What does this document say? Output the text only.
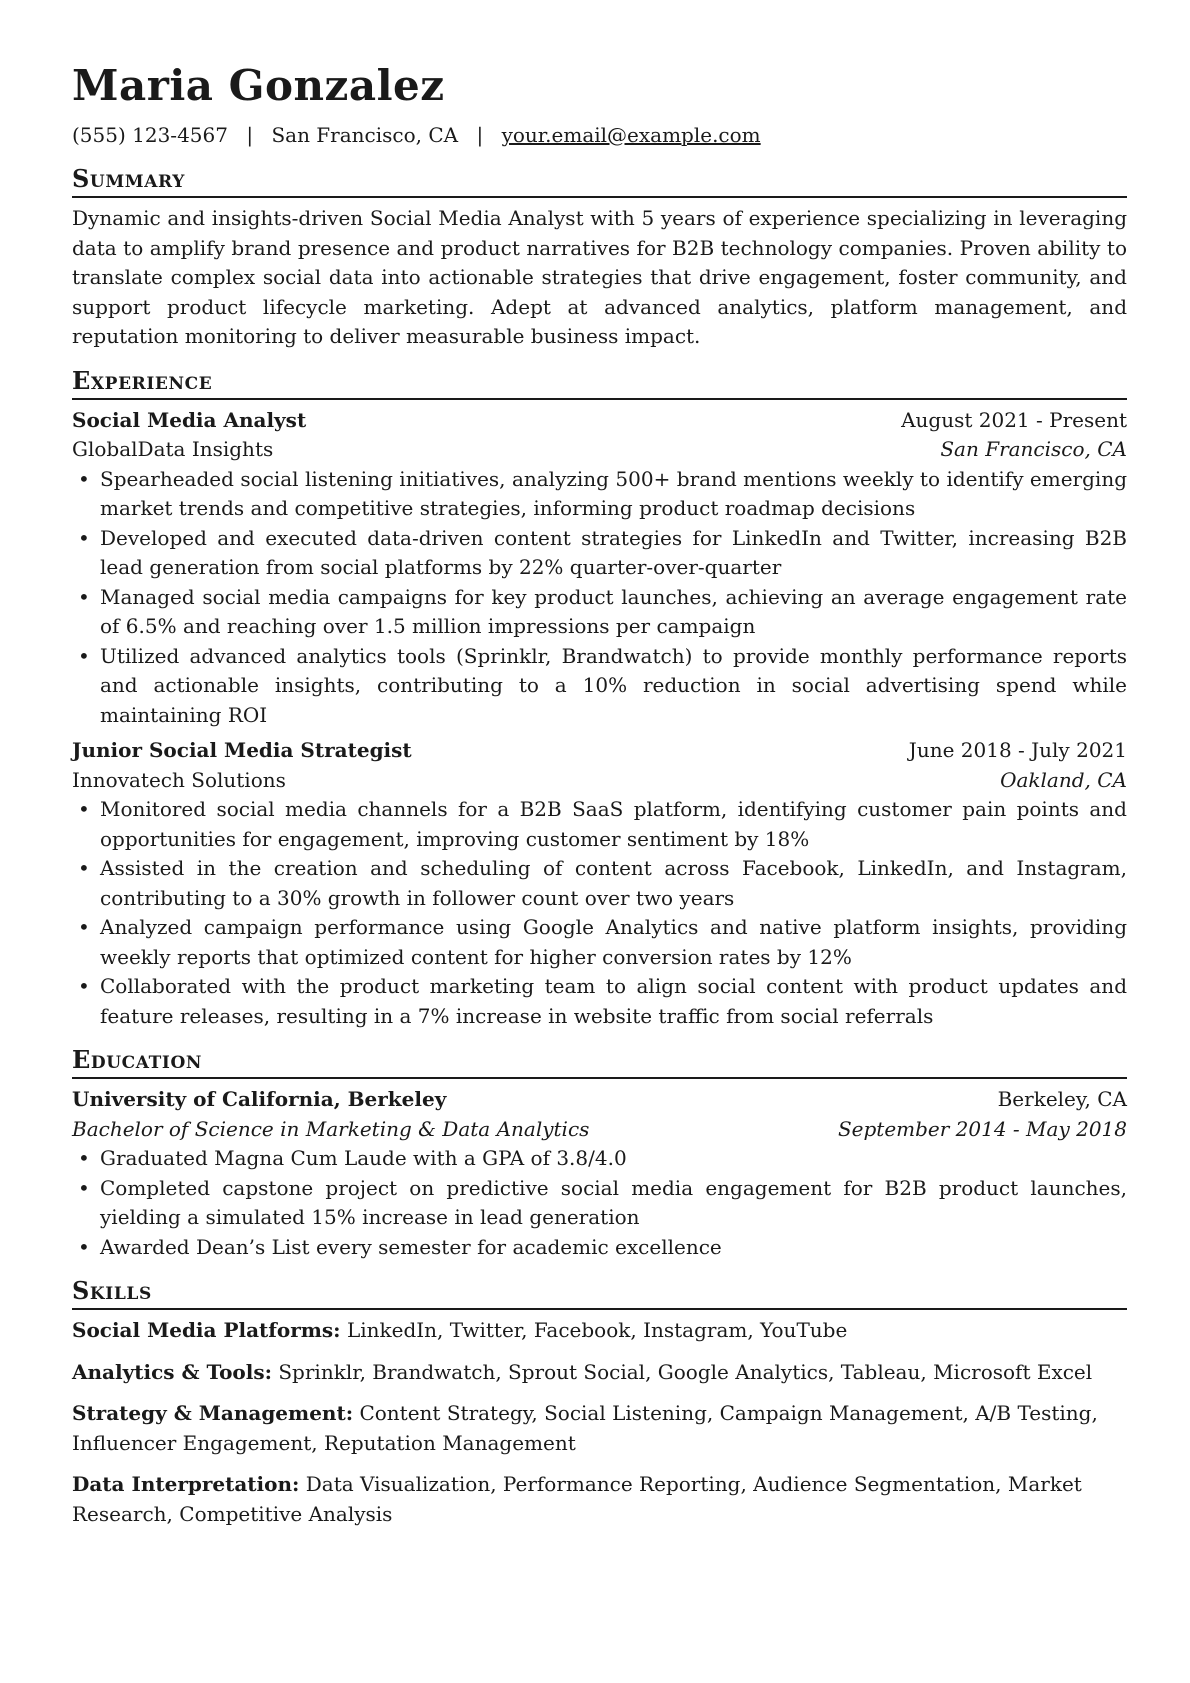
Maria Gonzalez
(555) 123-4567 | San Francisco, CA | your.email@example.com
Summary

Dynamic and insights-driven Social Media Analyst with 5 years of experience specializing in leveraging data to amplify brand presence and product narratives for B2B technology companies. Proven ability to translate complex social data into actionable strategies that drive engagement, foster community, and support product lifecycle marketing. Adept at advanced analytics, platform management, and reputation monitoring to deliver measurable business impact.

Experience
Social Media Analyst	August 2021 - Present
GlobalData Insights	San Francisco, CA
• Spearheaded social listening initiatives, analyzing 500+ brand mentions weekly to identify emerging market trends and competitive strategies, informing product roadmap decisions
• Developed and executed data-driven content strategies for LinkedIn and Twitter, increasing B2B lead generation from social platforms by 22% quarter-over-quarter
• Managed social media campaigns for key product launches, achieving an average engagement rate of 6.5% and reaching over 1.5 million impressions per campaign
• Utilized advanced analytics tools (Sprinklr, Brandwatch) to provide monthly performance reports and actionable insights, contributing to a 10% reduction in social advertising spend while maintaining ROI
Junior Social Media Strategist	June 2018 - July 2021
Innovatech Solutions	Oakland, CA
• Monitored social media channels for a B2B SaaS platform, identifying customer pain points and opportunities for engagement, improving customer sentiment by 18%
• Assisted in the creation and scheduling of content across Facebook, LinkedIn, and Instagram, contributing to a 30% growth in follower count over two years
• Analyzed campaign performance using Google Analytics and native platform insights, providing weekly reports that optimized content for higher conversion rates by 12%
• Collaborated with the product marketing team to align social content with product updates and feature releases, resulting in a 7% increase in website traffic from social referrals
Education
University of California, Berkeley	Berkeley, CA
Bachelor of Science in Marketing & Data Analytics	September 2014 - May 2018
• Graduated Magna Cum Laude with a GPA of 3.8/4.0
• Completed capstone project on predictive social media engagement for B2B product launches, yielding a simulated 15% increase in lead generation
• Awarded Dean’s List every semester for academic excellence
Skills
Social Media Platforms: LinkedIn, Twitter, Facebook, Instagram, YouTube
Analytics & Tools: Sprinklr, Brandwatch, Sprout Social, Google Analytics, Tableau, Microsoft Excel
Strategy & Management: Content Strategy, Social Listening, Campaign Management, A/B Testing, Influencer Engagement, Reputation Management
Data Interpretation: Data Visualization, Performance Reporting, Audience Segmentation, Market Research, Competitive Analysis
